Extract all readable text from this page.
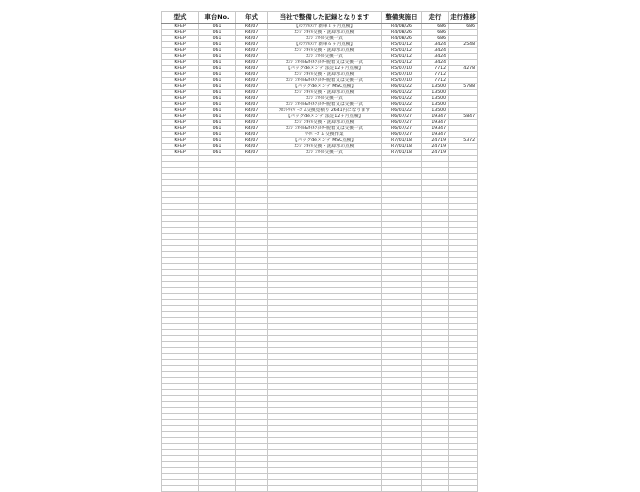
型式	車台No.	年式	当社で整備した記録となります	整備実施日	走行	走行推移
KFEP	061	R4/07	【ﾒﾝﾃﾌﾙﾒﾝﾃ 新車１ヶ月点検】	R4/08/26	686	686
KFEP	061	R4/07	ｴﾝｼﾞﾝｵｲﾙ交換・洗却水の点検	R4/08/26	686	
KFEP	061	R4/07	ｴﾝｼﾞﾝｵｲﾙ交換一式	R4/08/26	686	
KFEP	061	R4/07	【ﾒﾝﾃﾌﾙﾒﾝﾃ 新車６ヶ月点検】	R5/01/12	3424	2548
KFEP	061	R4/07	ｴﾝｼﾞﾝｵｲﾙ交換・洗却水の点検	R5/01/12	3424	
KFEP	061	R4/07	ｴﾝｼﾞﾝｵｲﾙ交換一式	R5/01/12	3424	
KFEP	061	R4/07	ｴﾝｼﾞﾝｵｲﾙ&ｵｲﾙﾌｨﾙﾀｰ脱着又は交換一式	R5/01/12	3424	
KFEP	061	R4/07	【パックdeメンテ 法定12ヶ月点検】	R5/07/10	7712	4278
KFEP	061	R4/07	ｴﾝｼﾞﾝｵｲﾙ交換・洗却水の点検	R5/07/10	7712	
KFEP	061	R4/07	ｴﾝｼﾞﾝｵｲﾙ&ｵｲﾙﾌｨﾙﾀｰ脱着又は交換一式	R5/07/10	7712	
KFEP	061	R4/07	【パックdeメンテ MSC点検】	R6/01/22	13500	5788
KFEP	061	R4/07	ｴﾝｼﾞﾝｵｲﾙ交換・洗却水の点検	R6/01/22	13500	
KFEP	061	R4/07	ｴﾝｼﾞﾝｵｲﾙ交換一式	R6/01/22	13500	
KFEP	061	R4/07	ｴﾝｼﾞﾝｵｲﾙ&ｵｲﾙﾌｨﾙﾀｰ脱着又は交換一式	R6/01/22	13500	
KFEP	061	R4/07	ﾌﾛﾝﾄﾜｲﾊﾟｰｺﾞﾑ交換見積り 2641円になります	R6/01/22	13500	
KFEP	061	R4/07	【パックdeメンテ 法定12ヶ月点検】	R6/07/27	19347	5847
KFEP	061	R4/07	ｴﾝｼﾞﾝｵｲﾙ交換・洗却水の点検	R6/07/27	19347	
KFEP	061	R4/07	ｴﾝｼﾞﾝｵｲﾙ&ｵｲﾙﾌｨﾙﾀｰ脱着又は交換一式	R6/07/27	19347	
KFEP	061	R4/07	ﾜｲﾊﾟｰｺﾞﾑ 交換作業	R6/07/27	19347	
KFEP	061	R4/07	【パックdeメンテ MSC点検】	R7/01/18	24719	5372
KFEP	061	R4/07	ｴﾝｼﾞﾝｵｲﾙ交換・洗却水の点検	R7/01/18	24719	
KFEP	061	R4/07	ｴﾝｼﾞﾝｵｲﾙ交換一式	R7/01/18	24719	
